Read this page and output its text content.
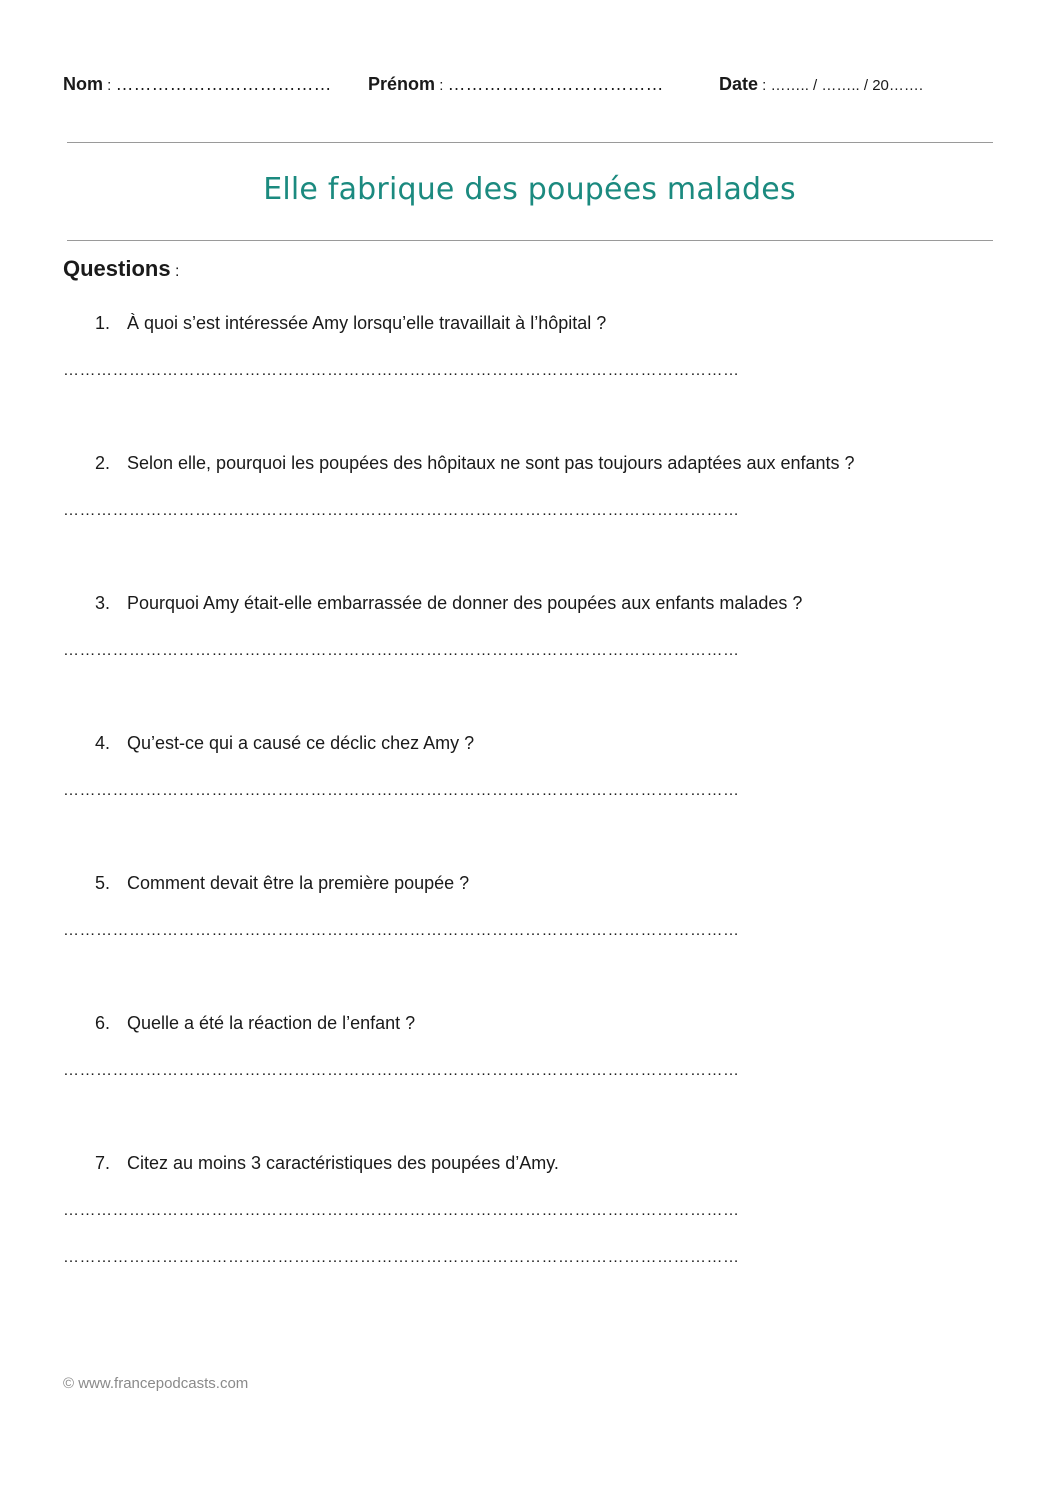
Nom : ……………………………… Prénom : ………………………………	Date : …….. / …….. / 20…….
Elle fabrique des poupées malades
Questions :
1. À quoi s’est intéressée Amy lorsqu’elle travaillait à l’hôpital ?
……………………………………………………………………………………………………………
2. Selon elle, pourquoi les poupées des hôpitaux ne sont pas toujours adaptées aux enfants ?
……………………………………………………………………………………………………………
3. Pourquoi Amy était-elle embarrassée de donner des poupées aux enfants malades ?
……………………………………………………………………………………………………………
4. Qu’est-ce qui a causé ce déclic chez Amy ?
……………………………………………………………………………………………………………
5. Comment devait être la première poupée ?
……………………………………………………………………………………………………………
6. Quelle a été la réaction de l’enfant ?
……………………………………………………………………………………………………………
7. Citez au moins 3 caractéristiques des poupées d’Amy.
……………………………………………………………………………………………………………
……………………………………………………………………………………………………………
© www.francepodcasts.com
